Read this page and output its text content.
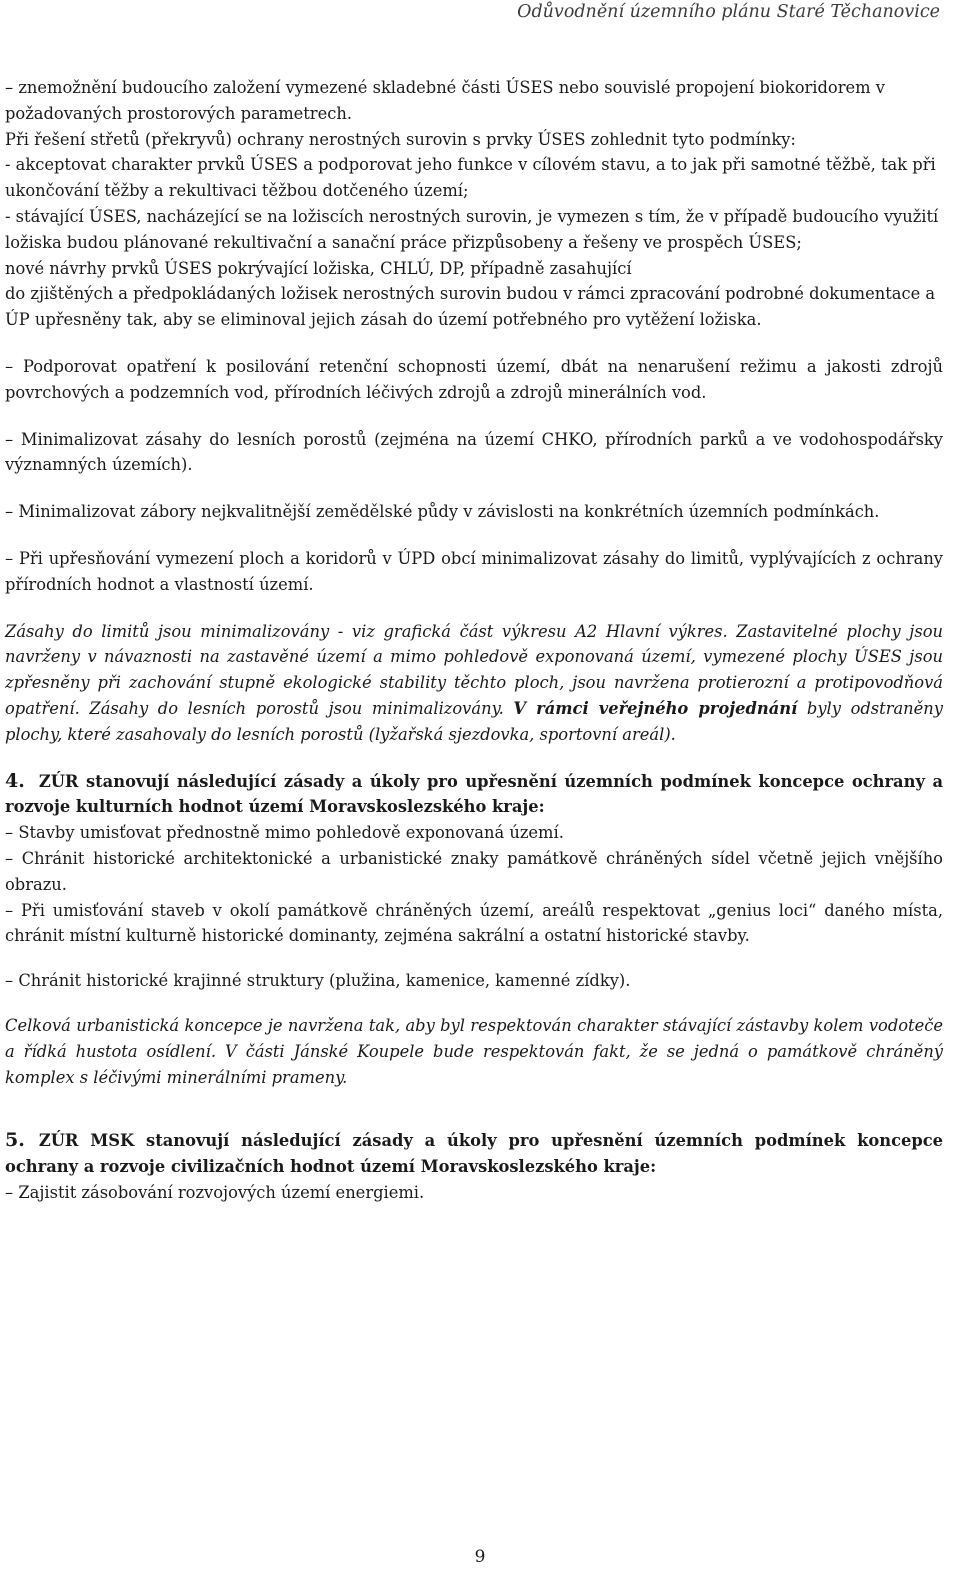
Odůvodnění územního plánu Staré Těchanovice

– znemožnění budoucího založení vymezené skladebné části ÚSES nebo souvislé propojení biokoridorem v požadovaných prostorových parametrech.

Při řešení střetů (překryvů) ochrany nerostných surovin s prvky ÚSES zohlednit tyto podmínky:

- akceptovat charakter prvků ÚSES a podporovat jeho funkce v cílovém stavu, a to jak při samotné těžbě, tak při ukončování těžby a rekultivaci těžbou dotčeného území;

- stávající ÚSES, nacházející se na ložiscích nerostných surovin, je vymezen s tím, že v případě budoucího využití ložiska budou plánované rekultivační a sanační práce přizpůsobeny a řešeny ve prospěch ÚSES;

nové návrhy prvků ÚSES pokrývající ložiska, CHLÚ, DP, případně zasahující

do zjištěných a předpokládaných ložisek nerostných surovin budou v rámci zpracování podrobné dokumentace a ÚP upřesněny tak, aby se eliminoval jejich zásah do území potřebného pro vytěžení ložiska.

– Podporovat opatření k posilování retenční schopnosti území, dbát na nenarušení režimu a jakosti zdrojů povrchových a podzemních vod, přírodních léčivých zdrojů a zdrojů minerálních vod.

– Minimalizovat zásahy do lesních porostů (zejména na území CHKO, přírodních parků a ve vodohospodářsky významných územích).

– Minimalizovat zábory nejkvalitnější zemědělské půdy v závislosti na konkrétních územních podmínkách.

– Při upřesňování vymezení ploch a koridorů v ÚPD obcí minimalizovat zásahy do limitů, vyplývajících z ochrany přírodních hodnot a vlastností území.

Zásahy do limitů jsou minimalizovány - viz grafická část výkresu A2 Hlavní výkres. Zastavitelné plochy jsou navrženy v návaznosti na zastavěné území a mimo pohledově exponovaná území, vymezené plochy ÚSES jsou zpřesněny při zachování stupně ekologické stability těchto ploch, jsou navržena protierozní a protipovodňová opatření. Zásahy do lesních porostů jsou minimalizovány. V rámci veřejného projednání byly odstraněny plochy, které zasahovaly do lesních porostů (lyžařská sjezdovka, sportovní areál).

4. ZÚR stanovují následující zásady a úkoly pro upřesnění územních podmínek koncepce ochrany a rozvoje kulturních hodnot území Moravskoslezského kraje:

– Stavby umisťovat přednostně mimo pohledově exponovaná území.

– Chránit historické architektonické a urbanistické znaky památkově chráněných sídel včetně jejich vnějšího obrazu.

– Při umisťování staveb v okolí památkově chráněných území, areálů respektovat „genius loci“ daného místa, chránit místní kulturně historické dominanty, zejména sakrální a ostatní historické stavby.

– Chránit historické krajinné struktury (plužina, kamenice, kamenné zídky).

Celková urbanistická koncepce je navržena tak, aby byl respektován charakter stávající zástavby kolem vodoteče a řídká hustota osídlení. V části Jánské Koupele bude respektován fakt, že se jedná o památkově chráněný komplex s léčivými minerálními prameny.

5. ZÚR MSK stanovují následující zásady a úkoly pro upřesnění územních podmínek koncepce ochrany a rozvoje civilizačních hodnot území Moravskoslezského kraje:

– Zajistit zásobování rozvojových území energiemi.

9
